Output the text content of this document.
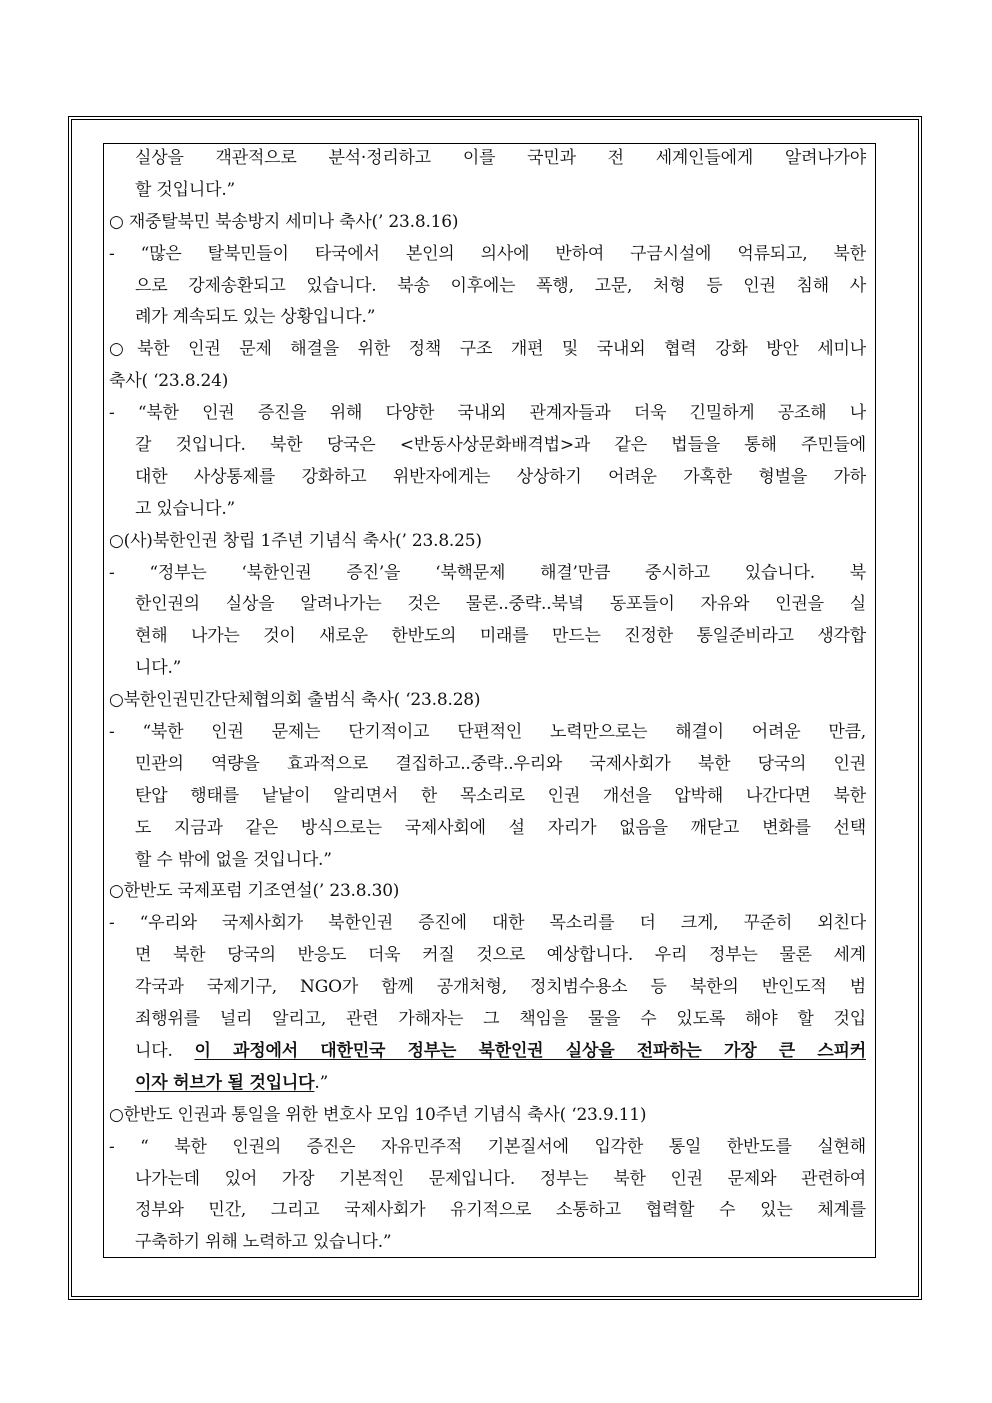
실상을 객관적으로 분석·정리하고 이를 국민과 전 세계인들에게 알려나가야
할 것입니다.”
○ 재중탈북민 북송방지 세미나 축사(’ 23.8.16)
- “많은 탈북민들이 타국에서 본인의 의사에 반하여 구금시설에 억류되고, 북한
으로 강제송환되고 있습니다. 북송 이후에는 폭행, 고문, 처형 등 인권 침해 사
례가 계속되도 있는 상황입니다.”
○북한 인권 문제 해결을 위한 정책 구조 개편 및 국내외 협력 강화 방안 세미나
축사( ‘23.8.24)
- “북한 인권 증진을 위해 다양한 국내외 관계자들과 더욱 긴밀하게 공조해 나
갈 것입니다. 북한 당국은 <반동사상문화배격법>과 같은 법들을 통해 주민들에
대한 사상통제를 강화하고 위반자에게는 상상하기 어려운 가혹한 형벌을 가하
고 있습니다.”
○(사)북한인권 창립 1주년 기념식 축사(’ 23.8.25)
- “정부는 ‘북한인권 증진’을 ‘북핵문제 해결’만큼 중시하고 있습니다. 북
한인권의 실상을 알려나가는 것은 물론..중략..북녘 동포들이 자유와 인권을 실
현해 나가는 것이 새로운 한반도의 미래를 만드는 진정한 통일준비라고 생각합
니다.”
○북한인권민간단체협의회 출범식 축사( ‘23.8.28)
- “북한 인권 문제는 단기적이고 단편적인 노력만으로는 해결이 어려운 만큼,
민관의 역량을 효과적으로 결집하고..중략..우리와 국제사회가 북한 당국의 인권
탄압 행태를 낱낱이 알리면서 한 목소리로 인권 개선을 압박해 나간다면 북한
도 지금과 같은 방식으로는 국제사회에 설 자리가 없음을 깨닫고 변화를 선택
할 수 밖에 없을 것입니다.”
○한반도 국제포럼 기조연설(’ 23.8.30)
- “우리와 국제사회가 북한인권 증진에 대한 목소리를 더 크게, 꾸준히 외친다
면 북한 당국의 반응도 더욱 커질 것으로 예상합니다. 우리 정부는 물론 세계
각국과 국제기구, NGO가 함께 공개처형, 정치범수용소 등 북한의 반인도적 범
죄행위를 널리 알리고, 관련 가해자는 그 책임을 물을 수 있도록 해야 할 것입
니다. 이 과정에서 대한민국 정부는 북한인권 실상을 전파하는 가장 큰 스피커
이자 허브가 될 것입니다.”
○한반도 인권과 통일을 위한 변호사 모임 10주년 기념식 축사( ‘23.9.11)
- “ 북한 인권의 증진은 자유민주적 기본질서에 입각한 통일 한반도를 실현해
나가는데 있어 가장 기본적인 문제입니다. 정부는 북한 인권 문제와 관련하여
정부와 민간, 그리고 국제사회가 유기적으로 소통하고 협력할 수 있는 체계를
구축하기 위해 노력하고 있습니다.”
